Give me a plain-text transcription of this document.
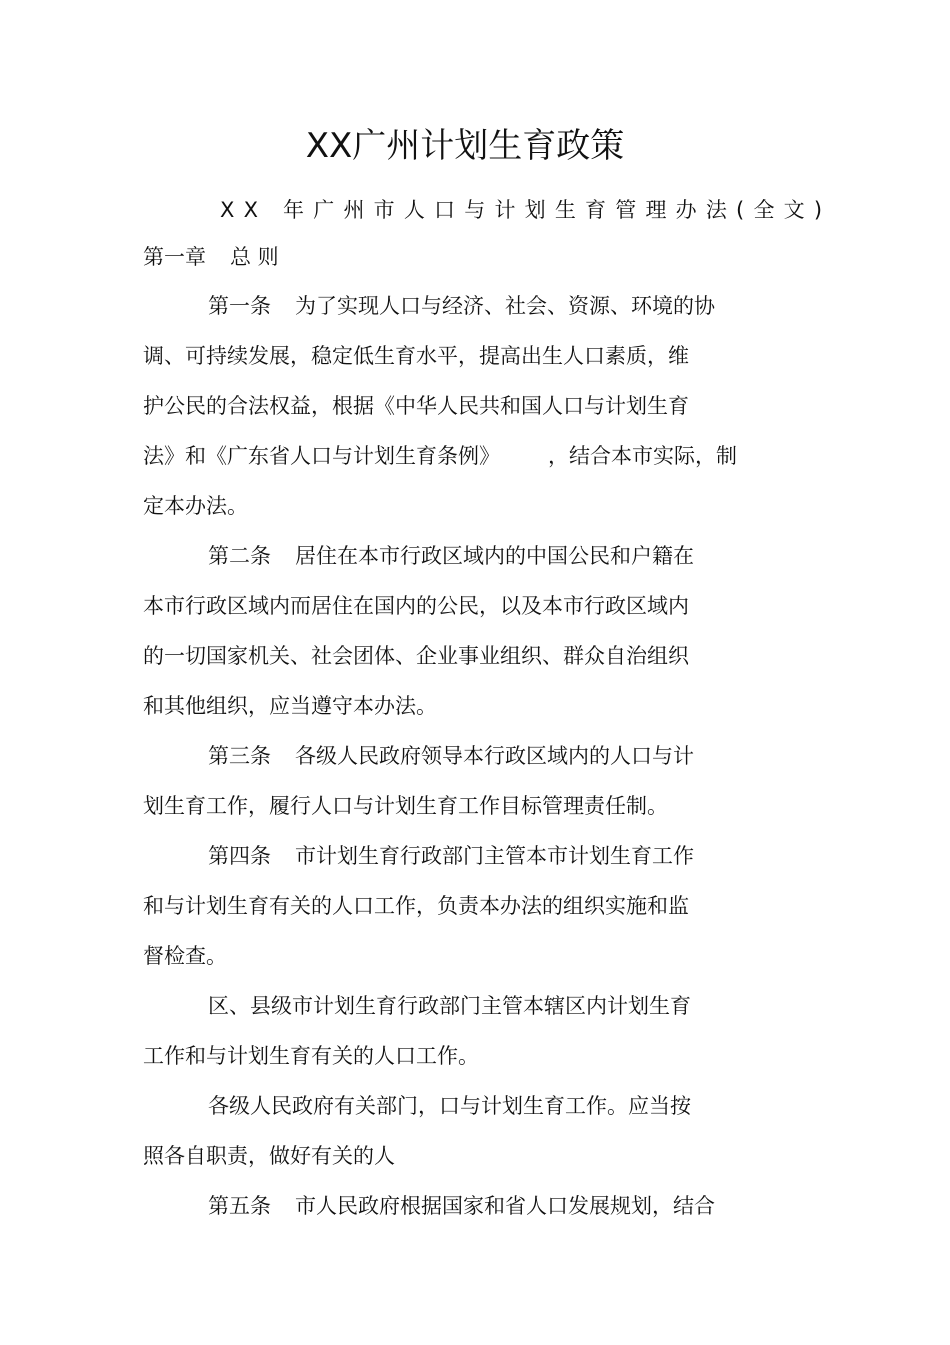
XX广州计划生育政策
XX 年广州市人口与计划生育管理办法(全文)
第一章 总 则
第一条 为了实现人口与经济、社会、资源、环境的协
调、可持续发展，稳定低生育水平，提高出生人口素质，维
护公民的合法权益，根据《中华人民共和国人口与计划生育
法》和《广东省人口与计划生育条例》 ，结合本市实际，制
定本办法。
第二条 居住在本市行政区域内的中国公民和户籍在
本市行政区域内而居住在国内的公民，以及本市行政区域内
的一切国家机关、社会团体、企业事业组织、群众自治组织
和其他组织，应当遵守本办法。
第三条 各级人民政府领导本行政区域内的人口与计
划生育工作，履行人口与计划生育工作目标管理责任制。
第四条 市计划生育行政部门主管本市计划生育工作
和与计划生育有关的人口工作，负责本办法的组织实施和监
督检查。
区、县级市计划生育行政部门主管本辖区内计划生育
工作和与计划生育有关的人口工作。
各级人民政府有关部门，口与计划生育工作。应当按
照各自职责，做好有关的人
第五条 市人民政府根据国家和省人口发展规划，结合
